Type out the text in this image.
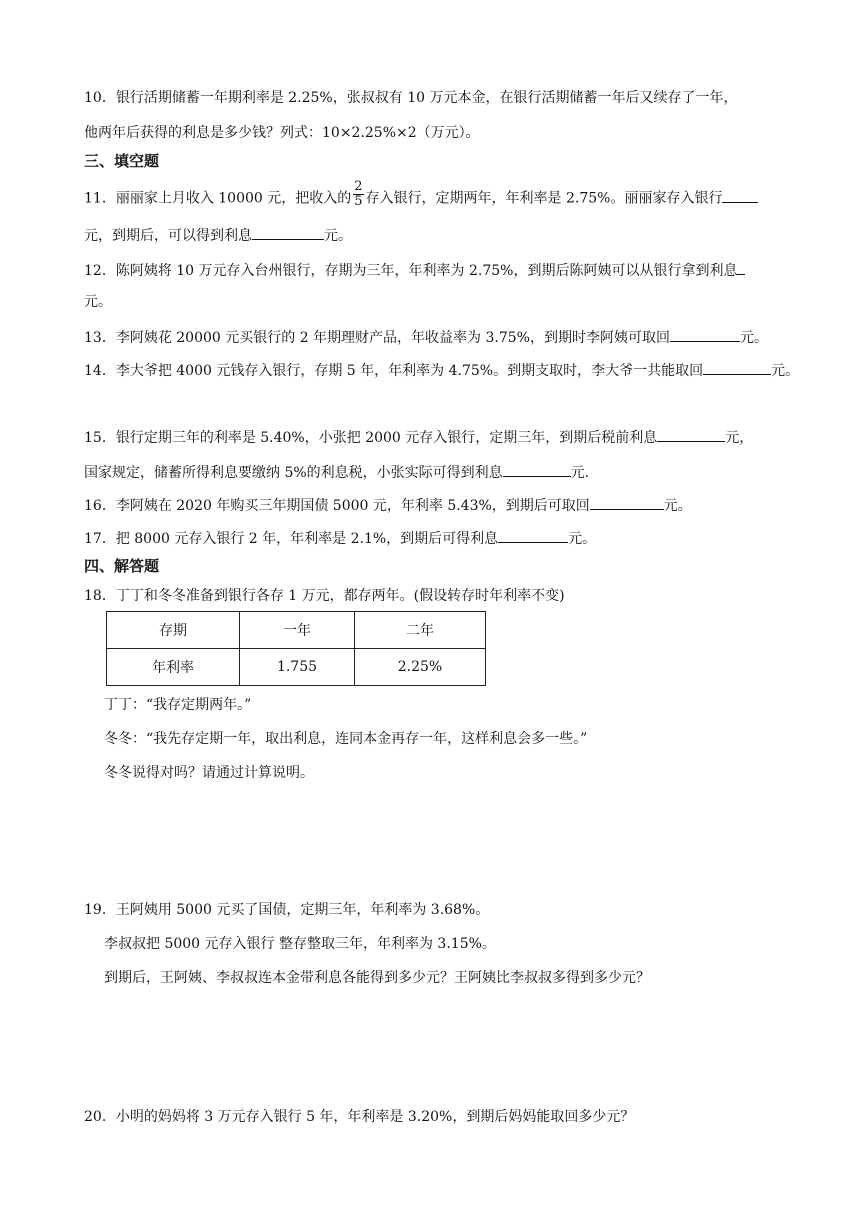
10．银行活期储蓄一年期利率是 2.25%，张叔叔有 10 万元本金，在银行活期储蓄一年后又续存了一年，
他两年后获得的利息是多少钱？列式：10×2.25%×2（万元）。
三、填空题
11．丽丽家上月收入 10000 元，把收入的 $\frac{2}{5}$ 存入银行，定期两年，年利率是 2.75%。丽丽家存入银行
元，到期后，可以得到利息	元。
12．陈阿姨将 10 万元存入台州银行，存期为三年，年利率为 2.75%，到期后陈阿姨可以从银行拿到利息
元。
13．李阿姨花 20000 元买银行的 2 年期理财产品，年收益率为 3.75%，到期时李阿姨可取回	元。
14．李大爷把 4000 元钱存入银行，存期 5 年，年利率为 4.75%。到期支取时，李大爷一共能取回	元。
15．银行定期三年的利率是 5.40%，小张把 2000 元存入银行，定期三年，到期后税前利息	元，
国家规定，储蓄所得利息要缴纳 5%的利息税，小张实际可得到利息	元.
16．李阿姨在 2020 年购买三年期国债 5000 元，年利率 5.43%，到期后可取回	元。
17．把 8000 元存入银行 2 年，年利率是 2.1%，到期后可得利息	元。
四、解答题
18．丁丁和冬冬准备到银行各存 1 万元，都存两年。(假设转存时年利率不变)
存期	一年	二年
年利率	1.755	2.25%
丁丁：“我存定期两年。”
冬冬：“我先存定期一年，取出利息，连同本金再存一年，这样利息会多一些。”
冬冬说得对吗？请通过计算说明。
19．王阿姨用 5000 元买了国债，定期三年，年利率为 3.68%。
李叔叔把 5000 元存入银行 整存整取三年，年利率为 3.15%。
到期后，王阿姨、李叔叔连本金带利息各能得到多少元？王阿姨比李叔叔多得到多少元？
20．小明的妈妈将 3 万元存入银行 5 年，年利率是 3.20%，到期后妈妈能取回多少元？
